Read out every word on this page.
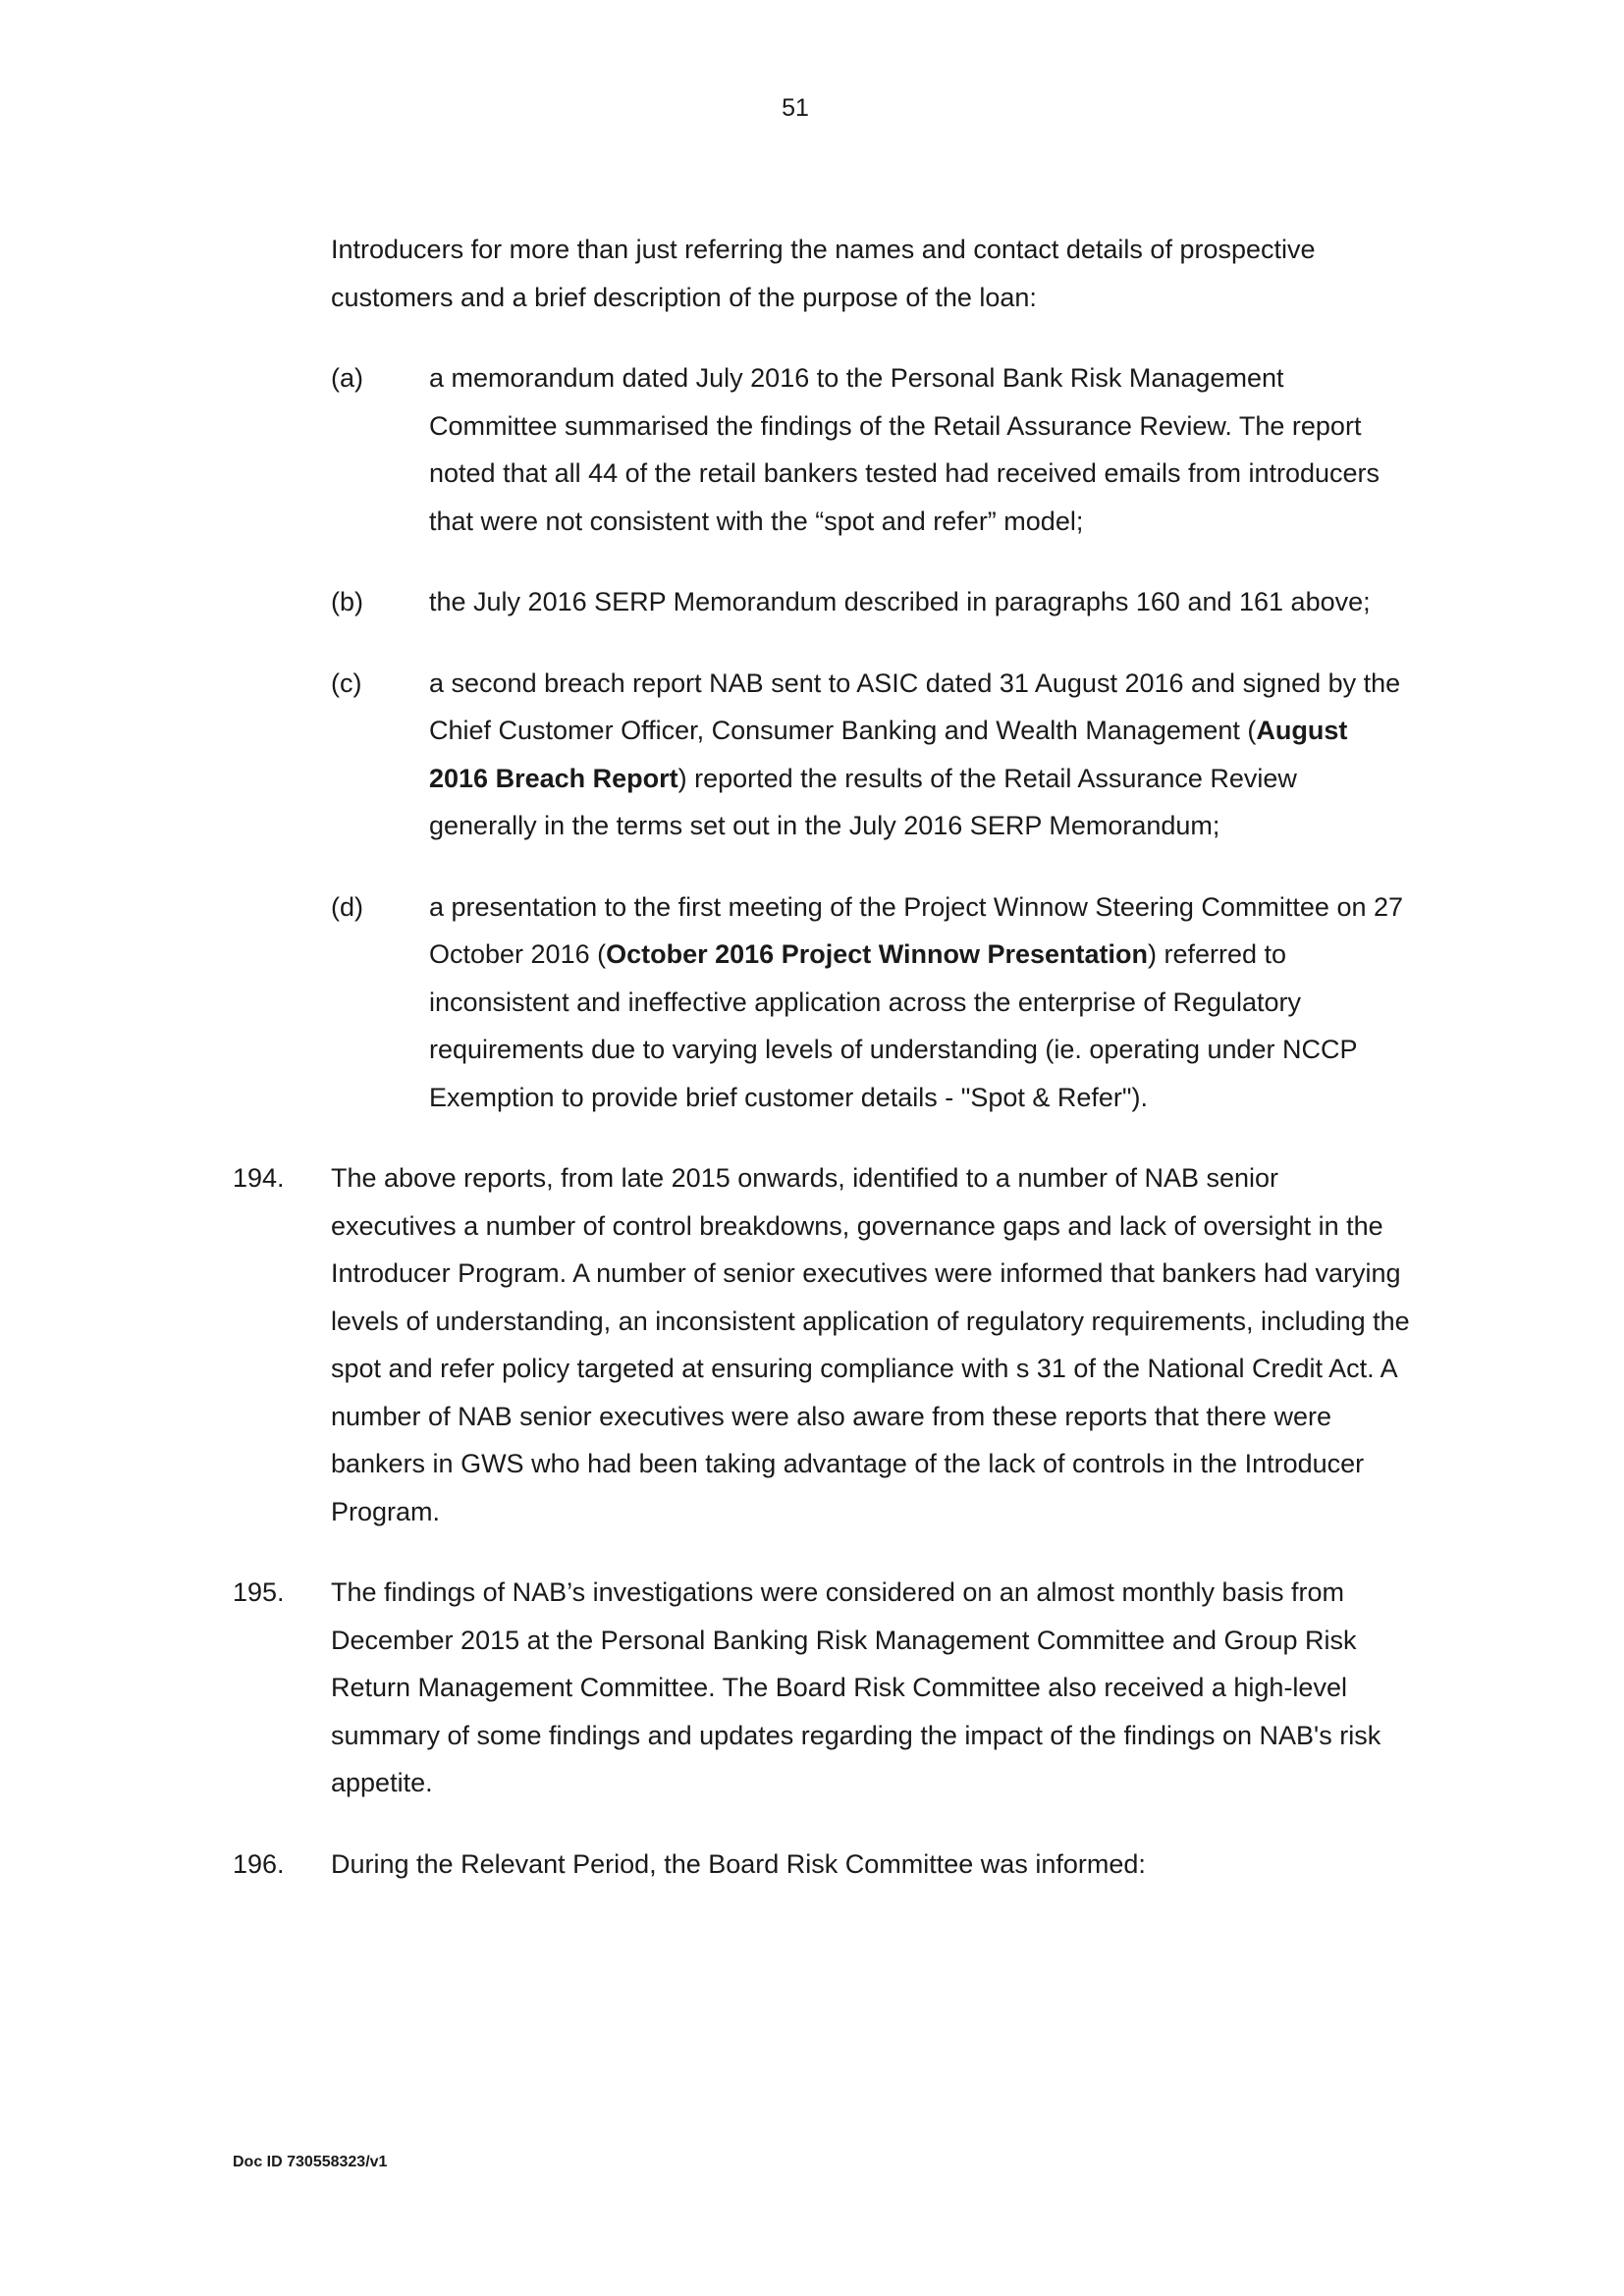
51

Introducers for more than just referring the names and contact details of prospective customers and a brief description of the purpose of the loan:

(a) a memorandum dated July 2016 to the Personal Bank Risk Management Committee summarised the findings of the Retail Assurance Review. The report noted that all 44 of the retail bankers tested had received emails from introducers that were not consistent with the “spot and refer” model;
(b) the July 2016 SERP Memorandum described in paragraphs 160 and 161 above;
(c)	a second breach report NAB sent to ASIC dated 31 August 2016 and signed by the Chief Customer Officer, Consumer Banking and Wealth Management (August 2016 Breach Report) reported the results of the Retail Assurance Review generally in the terms set out in the July 2016 SERP Memorandum;
(d) a presentation to the first meeting of the Project Winnow Steering Committee on 27 October 2016 (October 2016 Project Winnow Presentation) referred to inconsistent and ineffective application across the enterprise of Regulatory requirements due to varying levels of understanding (ie. operating under NCCP Exemption to provide brief customer details - "Spot & Refer").
194. The above reports, from late 2015 onwards, identified to a number of NAB senior executives a number of control breakdowns, governance gaps and lack of oversight in the Introducer Program. A number of senior executives were informed that bankers had varying levels of understanding, an inconsistent application of regulatory requirements, including the spot and refer policy targeted at ensuring compliance with s 31 of the National Credit Act. A number of NAB senior executives were also aware from these reports that there were bankers in GWS who had been taking advantage of the lack of controls in the Introducer Program.
195. The findings of NAB’s investigations were considered on an almost monthly basis from December 2015 at the Personal Banking Risk Management Committee and Group Risk Return Management Committee. The Board Risk Committee also received a high-level summary of some findings and updates regarding the impact of the findings on NAB's risk appetite.
196. During the Relevant Period, the Board Risk Committee was informed:
Doc ID 730558323/v1
